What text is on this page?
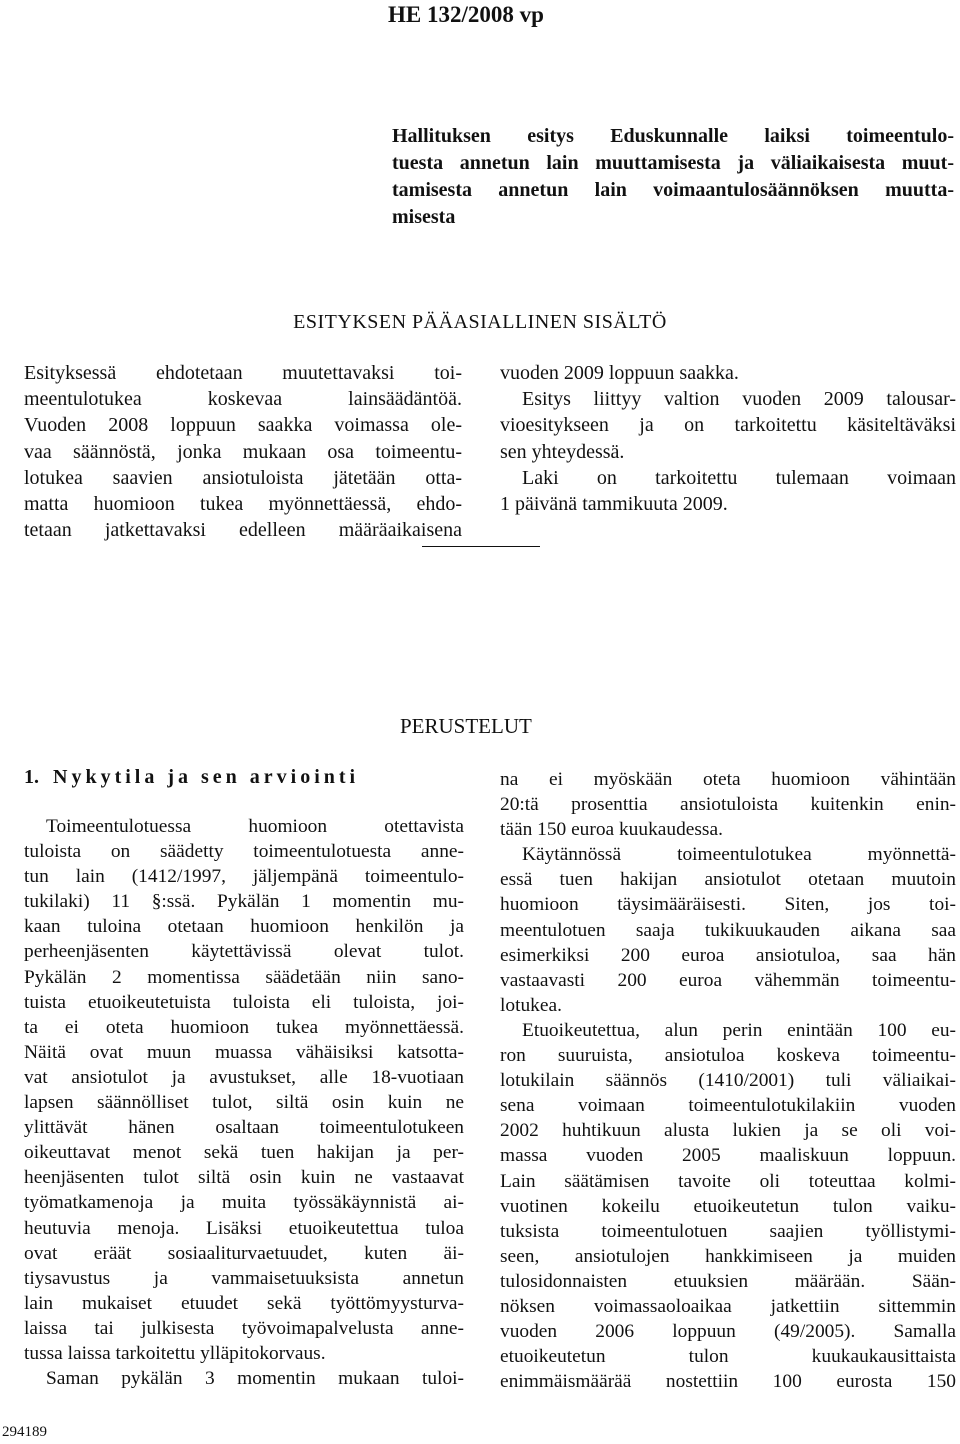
HE 132/2008 vp
Hallituksen esitys Eduskunnalle laiksi toimeentulo-
tuesta annetun lain muuttamisesta ja väliaikaisesta muut-
tamisesta annetun lain voimaantulosäännöksen muutta-
misesta
ESITYKSEN PÄÄASIALLINEN SISÄLTÖ
Esityksessä ehdotetaan muutettavaksi toi-
meentulotukea koskevaa lainsäädäntöä.
Vuoden 2008 loppuun saakka voimassa ole-
vaa säännöstä, jonka mukaan osa toimeentu-
lotukea saavien ansiotuloista jätetään otta-
matta huomioon tukea myönnettäessä, ehdo-
tetaan jatkettavaksi edelleen määräaikaisena
vuoden 2009 loppuun saakka.
Esitys liittyy valtion vuoden 2009 talousar-
vioesitykseen ja on tarkoitettu käsiteltäväksi
sen yhteydessä.
Laki on tarkoitettu tulemaan voimaan
1 päivänä tammikuuta 2009.
PERUSTELUT
1. Nykytila ja sen arviointi
Toimeentulotuessa huomioon otettavista
tuloista on säädetty toimeentulotuesta anne-
tun lain (1412/1997, jäljempänä toimeentulo-
tukilaki) 11 §:ssä. Pykälän 1 momentin mu-
kaan tuloina otetaan huomioon henkilön ja
perheenjäsenten käytettävissä olevat tulot.
Pykälän 2 momentissa säädetään niin sano-
tuista etuoikeutetuista tuloista eli tuloista, joi-
ta ei oteta huomioon tukea myönnettäessä.
Näitä ovat muun muassa vähäisiksi katsotta-
vat ansiotulot ja avustukset, alle 18-vuotiaan
lapsen säännölliset tulot, siltä osin kuin ne
ylittävät hänen osaltaan toimeentulotukeen
oikeuttavat menot sekä tuen hakijan ja per-
heenjäsenten tulot siltä osin kuin ne vastaavat
työmatkamenoja ja muita työssäkäynnistä ai-
heutuvia menoja. Lisäksi etuoikeutettua tuloa
ovat eräät sosiaaliturvaetuudet, kuten äi-
tiysavustus ja vammaisetuuksista annetun
lain mukaiset etuudet sekä työttömyysturva-
laissa tai julkisesta työvoimapalvelusta anne-
tussa laissa tarkoitettu ylläpitokorvaus.
Saman pykälän 3 momentin mukaan tuloi-
na ei myöskään oteta huomioon vähintään
20:tä prosenttia ansiotuloista kuitenkin enin-
tään 150 euroa kuukaudessa.
Käytännössä toimeentulotukea myönnettä-
essä tuen hakijan ansiotulot otetaan muutoin
huomioon täysimääräisesti. Siten, jos toi-
meentulotuen saaja tukikuukauden aikana saa
esimerkiksi 200 euroa ansiotuloa, saa hän
vastaavasti 200 euroa vähemmän toimeentu-
lotukea.
Etuoikeutettua, alun perin enintään 100 eu-
ron suuruista, ansiotuloa koskeva toimeentu-
lotukilain säännös (1410/2001) tuli väliaikai-
sena voimaan toimeentulotukilakiin vuoden
2002 huhtikuun alusta lukien ja se oli voi-
massa vuoden 2005 maaliskuun loppuun.
Lain säätämisen tavoite oli toteuttaa kolmi-
vuotinen kokeilu etuoikeutetun tulon vaiku-
tuksista toimeentulotuen saajien työllistymi-
seen, ansiotulojen hankkimiseen ja muiden
tulosidonnaisten etuuksien määrään. Sään-
nöksen voimassaoloaikaa jatkettiin sittemmin
vuoden 2006 loppuun (49/2005). Samalla
etuoikeutetun tulon kuukaukausittaista
enimmäismäärää nostettiin 100 eurosta 150
294189
